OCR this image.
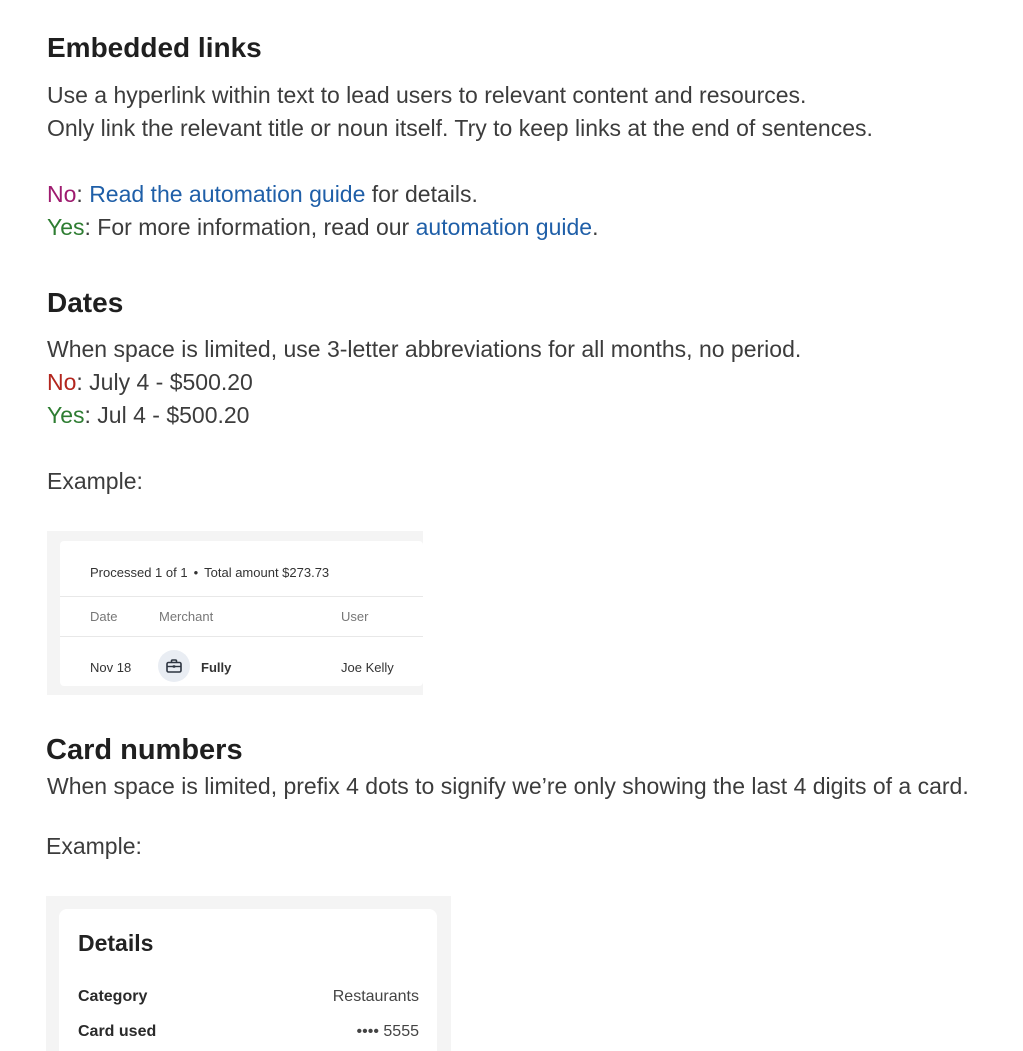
Embedded links
Use a hyperlink within text to lead users to relevant content and resources.
Only link the relevant title or noun itself. Try to keep links at the end of sentences.
No: Read the automation guide for details.
Yes: For more information, read our automation guide.
Dates
When space is limited, use 3-letter abbreviations for all months, no period.
No: July 4 - $500.20
Yes: Jul 4 - $500.20
Example:
Processed 1 of 1 • Total amount $273.73
Date	Merchant	User
Nov 18	Fully	Joe Kelly
Card numbers
When space is limited, prefix 4 dots to signify we’re only showing the last 4 digits of a card.
Example:
Details
Category	Restaurants
Card used	•••• 5555
